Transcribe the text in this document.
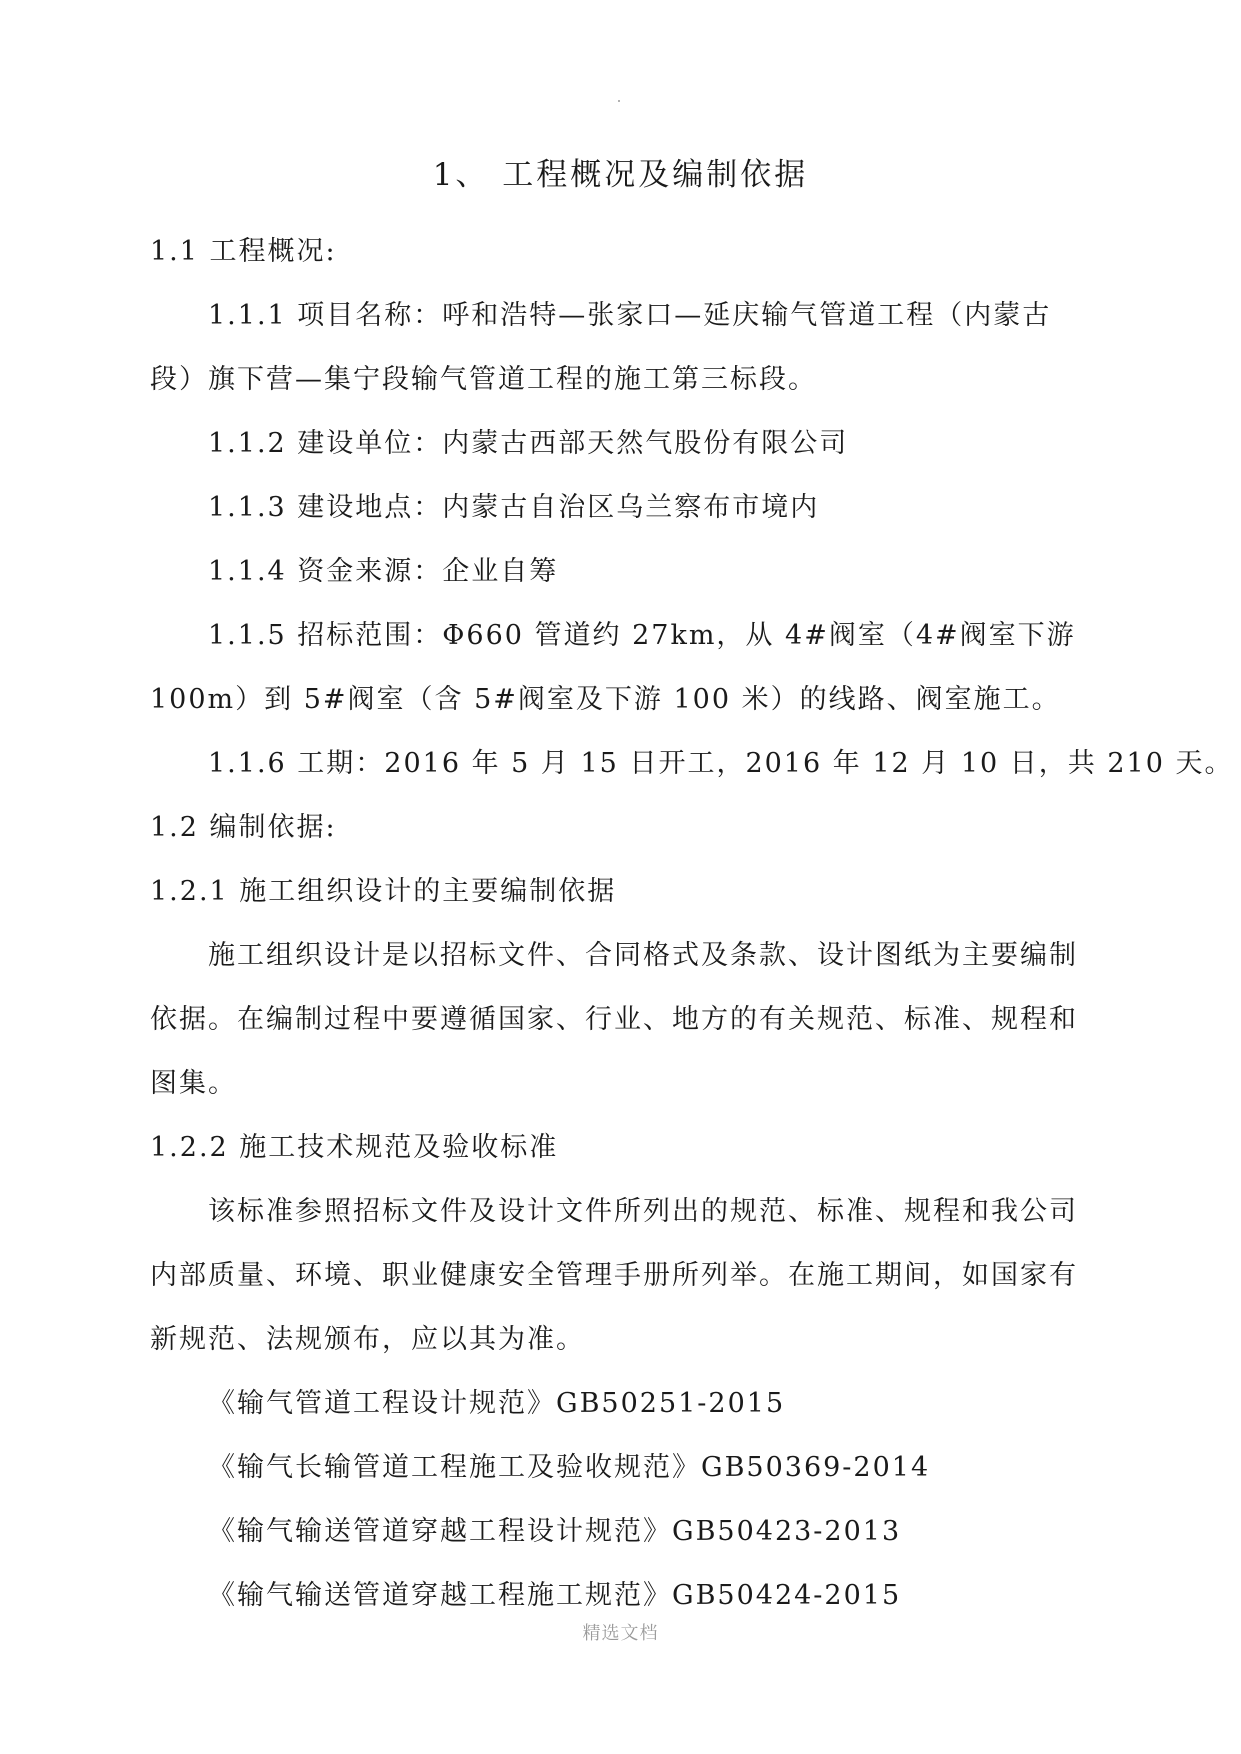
1、 工程概况及编制依据

1.1 工程概况:

1.1.1 项目名称：呼和浩特—张家口—延庆输气管道工程（内蒙古段）旗下营—集宁段输气管道工程的施工第三标段。

1.1.2 建设单位：内蒙古西部天然气股份有限公司

1.1.3 建设地点：内蒙古自治区乌兰察布市境内

1.1.4 资金来源：企业自筹

1.1.5 招标范围：Φ660 管道约 27km，从 4#阀室（4#阀室下游 100m）到 5#阀室（含 5#阀室及下游 100 米）的线路、阀室施工。

1.1.6 工期：2016 年 5 月 15 日开工，2016 年 12 月 10 日，共 210 天。

1.2 编制依据:

1.2.1 施工组织设计的主要编制依据

施工组织设计是以招标文件、合同格式及条款、设计图纸为主要编制依据。在编制过程中要遵循国家、行业、地方的有关规范、标准、规程和图集。

1.2.2 施工技术规范及验收标准

该标准参照招标文件及设计文件所列出的规范、标准、规程和我公司内部质量、环境、职业健康安全管理手册所列举。在施工期间，如国家有新规范、法规颁布，应以其为准。

《输气管道工程设计规范》GB50251-2015

《输气长输管道工程施工及验收规范》GB50369-2014

《输气输送管道穿越工程设计规范》GB50423-2013

《输气输送管道穿越工程施工规范》GB50424-2015

精选文档
